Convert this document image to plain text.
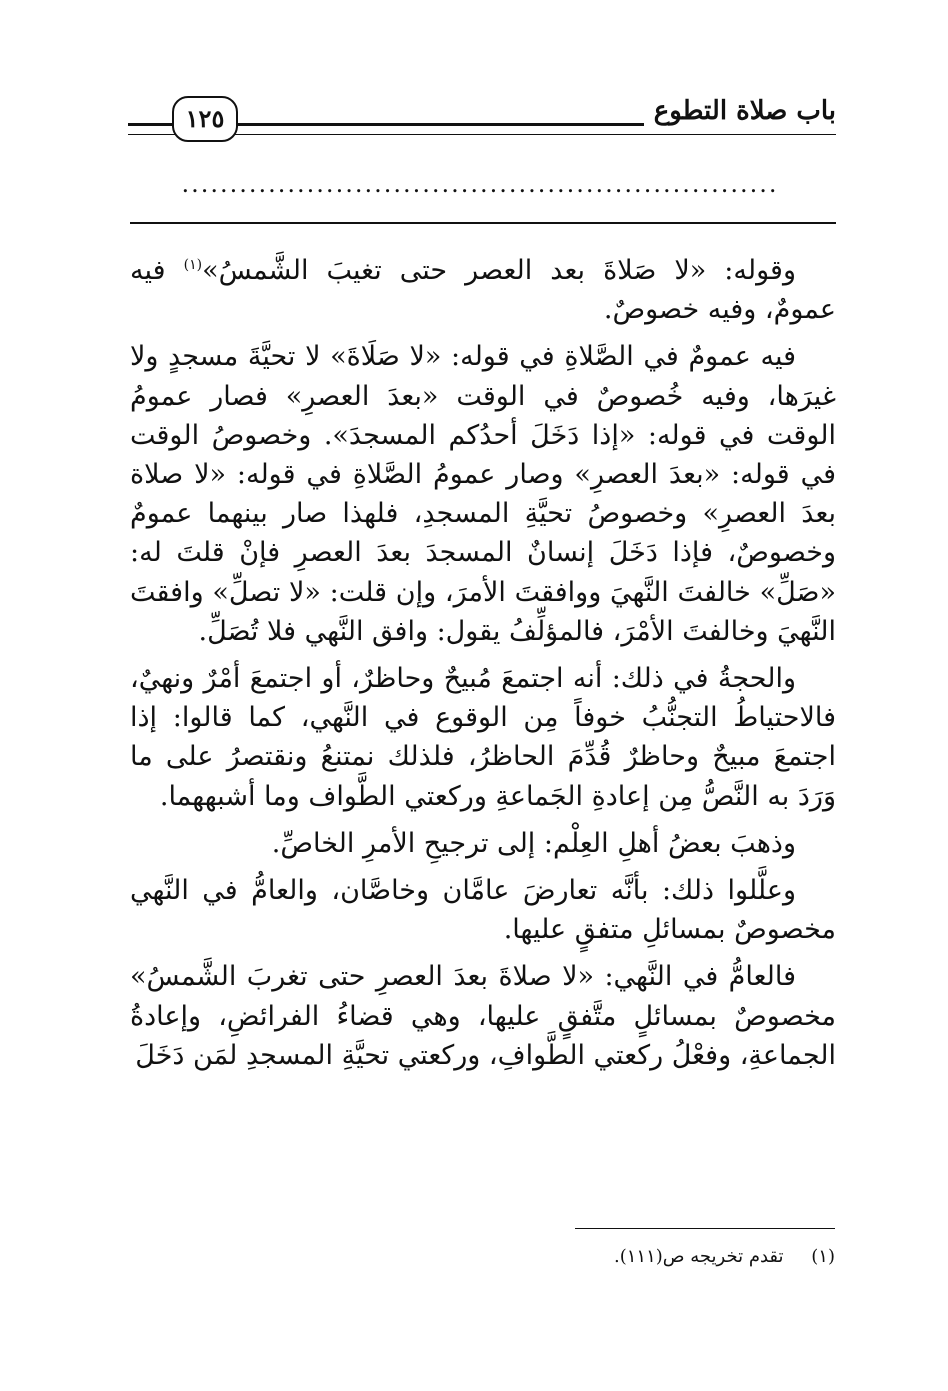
باب صلاة التطوع
١٢٥
..............................................................

وقوله: «لا صَلاةَ بعد العصر حتى تغيبَ الشَّمسُ»$^{(١)}$ فيه عمومٌ، وفيه خصوصٌ.

فيه عمومٌ في الصَّلاةِ في قوله: «لا صَلَاةَ» لا تحيَّةَ مسجدٍ ولا غيرَها، وفيه خُصوصٌ في الوقت «بعدَ العصرِ» فصار عمومُ الوقت في قوله: «إذا دَخَلَ أحدُكم المسجدَ». وخصوصُ الوقت في قوله: «بعدَ العصرِ» وصار عمومُ الصَّلاةِ في قوله: «لا صلاة بعدَ العصرِ» وخصوصُ تحيَّةِ المسجدِ، فلهذا صار بينهما عمومٌ وخصوصٌ، فإذا دَخَلَ إنسانٌ المسجدَ بعدَ العصرِ فإنْ قلتَ له: «صَلِّ» خالفتَ النَّهيَ ووافقتَ الأمرَ، وإن قلت: «لا تصلِّ» وافقتَ النَّهيَ وخالفتَ الأمْرَ، فالمؤلِّفُ يقول: وافق النَّهي فلا تُصَلِّ.

والحجةُ في ذلك: أنه اجتمعَ مُبيحٌ وحاظرٌ، أو اجتمعَ أمْرٌ ونهيٌ، فالاحتياطُ التجنُّبُ خوفاً مِن الوقوع في النَّهي، كما قالوا: إذا اجتمعَ مبيحٌ وحاظرٌ قُدِّمَ الحاظرُ، فلذلك نمتنعُ ونقتصرُ على ما وَرَدَ به النَّصُّ مِن إعادةِ الجَماعةِ وركعتي الطَّواف وما أشبههما.

وذهبَ بعضُ أهلِ العِلْم: إلى ترجيحِ الأمرِ الخاصِّ.

وعلَّلوا ذلك: بأنَّه تعارضَ عامَّان وخاصَّان، والعامُّ في النَّهي مخصوصٌ بمسائلِ متفقٍ عليها.

فالعامُّ في النَّهي: «لا صلاةَ بعدَ العصرِ حتى تغربَ الشَّمسُ» مخصوصٌ بمسائلٍ متَّفقٍ عليها، وهي قضاءُ الفرائضِ، وإعادةُ الجماعةِ، وفعْلُ ركعتي الطَّوافِ، وركعتي تحيَّةِ المسجدِ لمَن دَخَلَ

(١) تقدم تخريجه ص(١١١).
